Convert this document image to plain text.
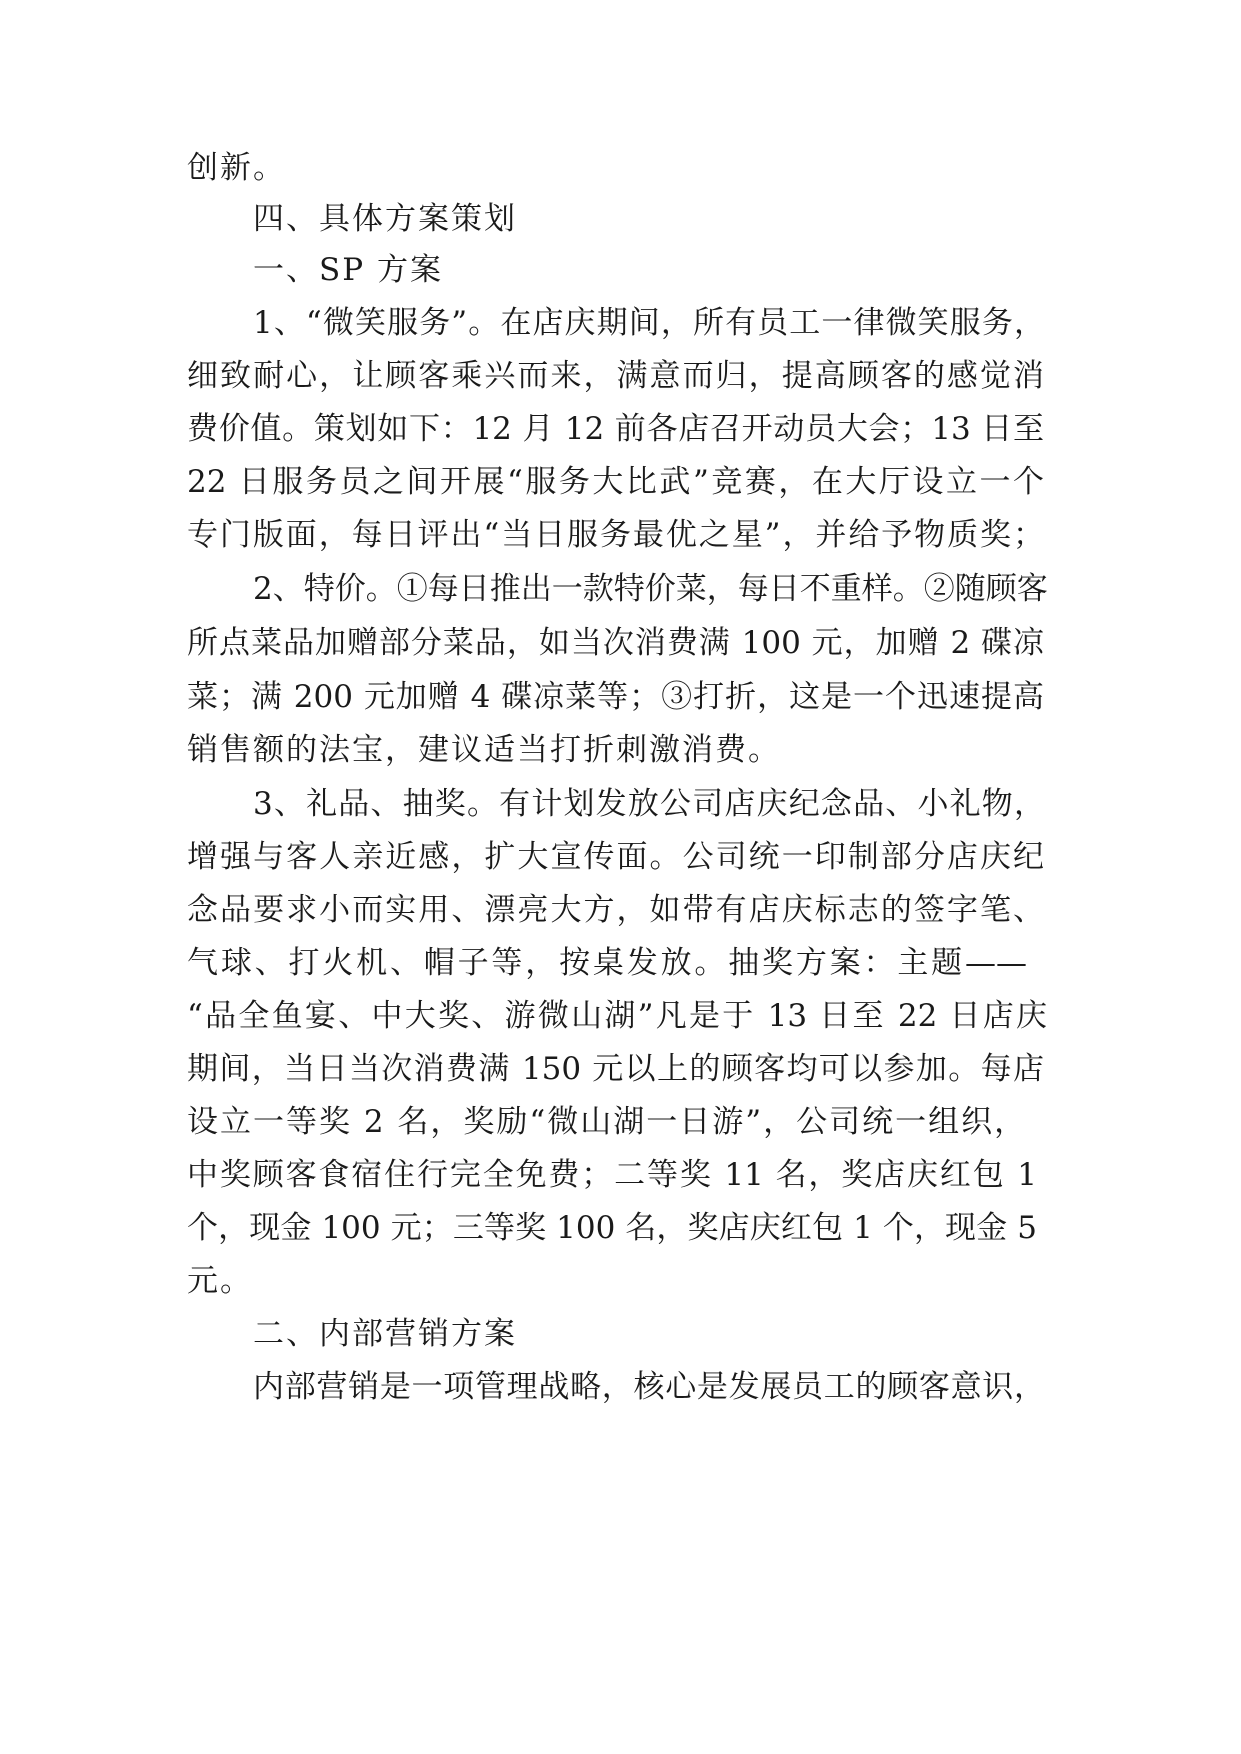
创新。
四、具体方案策划
一、SP 方案
1、“微笑服务”。在店庆期间，所有员工一律微笑服务，
细致耐心，让顾客乘兴而来，满意而归，提高顾客的感觉消
费价值。策划如下：12 月 12 前各店召开动员大会；13 日至
22 日服务员之间开展“服务大比武”竞赛，在大厅设立一个
专门版面，每日评出“当日服务最优之星”，并给予物质奖；
2、特价。①每日推出一款特价菜，每日不重样。②随顾客
所点菜品加赠部分菜品，如当次消费满 100 元，加赠 2 碟凉
菜；满 200 元加赠 4 碟凉菜等；③打折，这是一个迅速提高
销售额的法宝，建议适当打折刺激消费。
3、礼品、抽奖。有计划发放公司店庆纪念品、小礼物，
增强与客人亲近感，扩大宣传面。公司统一印制部分店庆纪
念品要求小而实用、漂亮大方，如带有店庆标志的签字笔、
气球、打火机、帽子等，按桌发放。抽奖方案：主题——
“品全鱼宴、中大奖、游微山湖”凡是于 13 日至 22 日店庆
期间，当日当次消费满 150 元以上的顾客均可以参加。每店
设立一等奖 2 名，奖励“微山湖一日游”，公司统一组织，
中奖顾客食宿住行完全免费；二等奖 11 名，奖店庆红包 1
个，现金 100 元；三等奖 100 名，奖店庆红包 1 个，现金 5
元。
二、内部营销方案
内部营销是一项管理战略，核心是发展员工的顾客意识，
